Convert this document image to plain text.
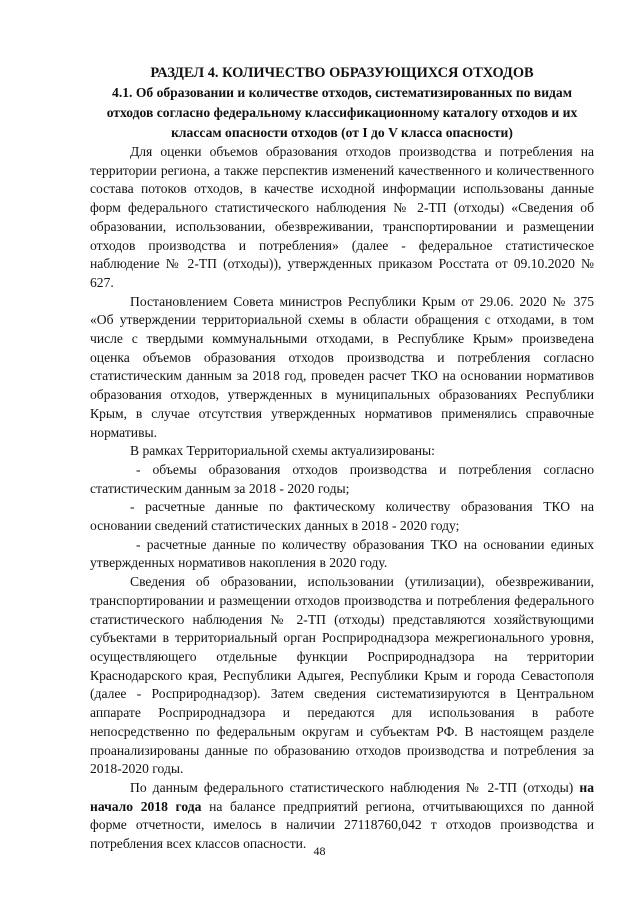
РАЗДЕЛ 4. КОЛИЧЕСТВО ОБРАЗУЮЩИХСЯ ОТХОДОВ

4.1. Об образовании и количестве отходов, систематизированных по видам отходов согласно федеральному классификационному каталогу отходов и их классам опасности отходов (от I до V класса опасности)

Для оценки объемов образования отходов производства и потребления на территории региона, а также перспектив изменений качественного и количественного состава потоков отходов, в качестве исходной информации использованы данные форм федерального статистического наблюдения № 2-ТП (отходы) «Сведения об образовании, использовании, обезвреживании, транспортировании и размещении отходов производства и потребления» (далее - федеральное статистическое наблюдение № 2-ТП (отходы)), утвержденных приказом Росстата от 09.10.2020 № 627.

Постановлением Совета министров Республики Крым от 29.06. 2020 № 375 «Об утверждении территориальной схемы в области обращения с отходами, в том числе с твердыми коммунальными отходами, в Республике Крым» произведена оценка объемов образования отходов производства и потребления согласно статистическим данным за 2018 год, проведен расчет ТКО на основании нормативов образования отходов, утвержденных в муниципальных образованиях Республики Крым, в случае отсутствия утвержденных нормативов применялись справочные нормативы.

В рамках Территориальной схемы актуализированы:

- объемы образования отходов производства и потребления согласно статистическим данным за 2018 - 2020 годы;

- расчетные данные по фактическому количеству образования ТКО на основании сведений статистических данных в 2018 - 2020 году;

- расчетные данные по количеству образования ТКО на основании единых утвержденных нормативов накопления в 2020 году.

Сведения об образовании, использовании (утилизации), обезвреживании, транспортировании и размещении отходов производства и потребления федерального статистического наблюдения № 2-ТП (отходы) представляются хозяйствующими субъектами в территориальный орган Росприроднадзора межрегионального уровня, осуществляющего отдельные функции Росприроднадзора на территории Краснодарского края, Республики Адыгея, Республики Крым и города Севастополя (далее - Росприроднадзор). Затем сведения систематизируются в Центральном аппарате Росприроднадзора и передаются для использования в работе непосредственно по федеральным округам и субъектам РФ. В настоящем разделе проанализированы данные по образованию отходов производства и потребления за 2018-2020 годы.

По данным федерального статистического наблюдения № 2-ТП (отходы) на начало 2018 года на балансе предприятий региона, отчитывающихся по данной форме отчетности, имелось в наличии 27118760,042 т отходов производства и потребления всех классов опасности. 48
